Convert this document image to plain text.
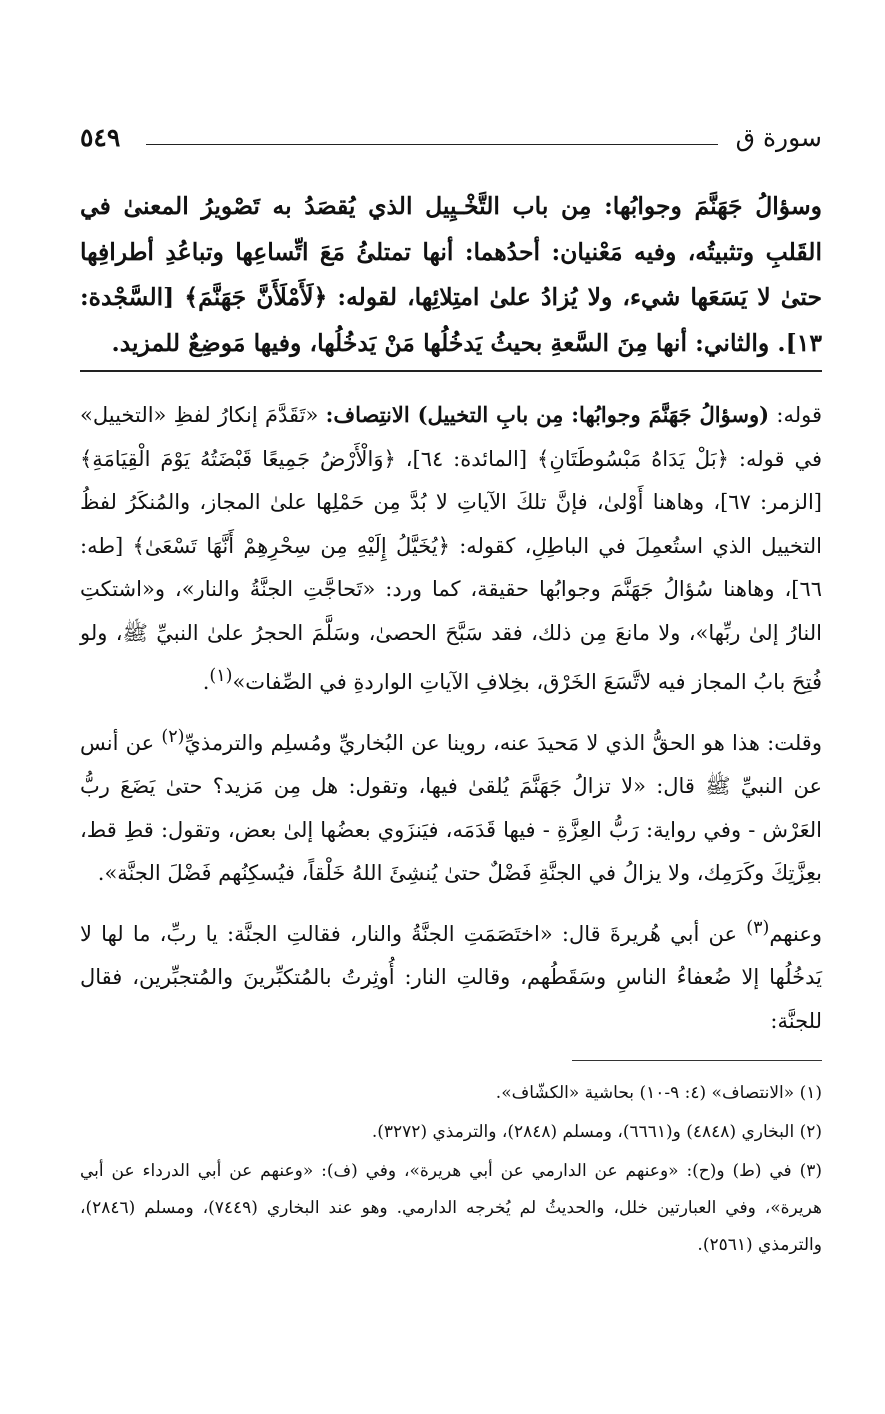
سورة ق
٥٤٩

وسؤالُ جَهَنَّمَ وجوابُها: مِن باب التَّخْـيِيل الذي يُقصَدُ به تَصْويرُ المعنىٰ في القَلبِ وتثبيتُه، وفيه مَعْنيان: أحدُهما: أنها تمتلئُ مَعَ اتِّساعِها وتباعُدِ أطرافِها حتىٰ لا يَسَعَها شيء، ولا يُزادُ علىٰ امتِلائِها، لقوله: ﴿لَأَمْلَأَنَّ جَهَنَّمَ﴾ [السَّجْدة: ١٣]. والثاني: أنها مِنَ السَّعةِ بحيثُ يَدخُلُها مَنْ يَدخُلُها، وفيها مَوضِعٌ للمزيد.

قوله: (وسؤالُ جَهَنَّمَ وجوابُها: مِن بابِ التخييل) الانتِصاف: «تَقَدَّمَ إنكارُ لفظِ «التخييل» في قوله: ﴿بَلْ يَدَاهُ مَبْسُوطَتَانِ﴾ [المائدة: ٦٤]، ﴿وَالْأَرْضُ جَمِيعًا قَبْضَتُهُ يَوْمَ الْقِيَامَةِ﴾ [الزمر: ٦٧]، وهاهنا أَوْلىٰ، فإنَّ تلكَ الآياتِ لا بُدَّ مِن حَمْلِها علىٰ المجاز، والمُنكَرُ لفظُ التخييل الذي استُعمِلَ في الباطِلِ، كقوله: ﴿يُخَيَّلُ إِلَيْهِ مِن سِحْرِهِمْ أَنَّهَا تَسْعَىٰ﴾ [طه: ٦٦]، وهاهنا سُؤالُ جَهَنَّمَ وجوابُها حقيقة، كما ورد: «تَحاجَّتِ الجنَّةُ والنار»، و«اشتكتِ النارُ إلىٰ ربِّها»، ولا مانعَ مِن ذلك، فقد سَبَّحَ الحصىٰ، وسَلَّمَ الحجرُ علىٰ النبيِّ ﷺ، ولو فُتِحَ بابُ المجاز فيه لاتَّسَعَ الخَرْق، بخِلافِ الآياتِ الواردةِ في الصِّفات»$^{(١)}$.

وقلت: هذا هو الحقُّ الذي لا مَحيدَ عنه، روينا عن البُخاريِّ ومُسلِم والترمذيِّ$^{(٢)}$ عن أنس عن النبيِّ ﷺ قال: «لا تزالُ جَهَنَّمَ يُلقىٰ فيها، وتقول: هل مِن مَزيد؟ حتىٰ يَضَعَ ربُّ العَرْش - وفي رواية: رَبُّ العِزَّةِ - فيها قَدَمَه، فيَنزَوي بعضُها إلىٰ بعض، وتقول: قطِ قط، بعِزَّتِكَ وكَرَمِك، ولا يزالُ في الجنَّةِ فَضْلٌ حتىٰ يُنشِئَ اللهُ خَلْقاً، فيُسكِنُهم فَضْلَ الجنَّة».

وعنهم$^{(٣)}$ عن أبي هُريرةَ قال: «اختَصَمَتِ الجنَّةُ والنار، فقالتِ الجنَّة: يا ربِّ، ما لها لا يَدخُلُها إلا ضُعفاءُ الناسِ وسَقَطُهم، وقالتِ النار: أُوثِرتُ بالمُتكبِّرينَ والمُتجبِّرين، فقال للجنَّة:

(١) «الانتصاف» (٤: ٩-١٠) بحاشية «الكشّاف».

(٢) البخاري (٤٨٤٨) و(٦٦٦١)، ومسلم (٢٨٤٨)، والترمذي (٣٢٧٢).

(٣) في (ط) و(ح): «وعنهم عن الدارمي عن أبي هريرة»، وفي (ف): «وعنهم عن أبي الدرداء عن أبي هريرة»، وفي العبارتين خلل، والحديثُ لم يُخرجه الدارمي. وهو عند البخاري (٧٤٤٩)، ومسلم (٢٨٤٦)، والترمذي (٢٥٦١).
